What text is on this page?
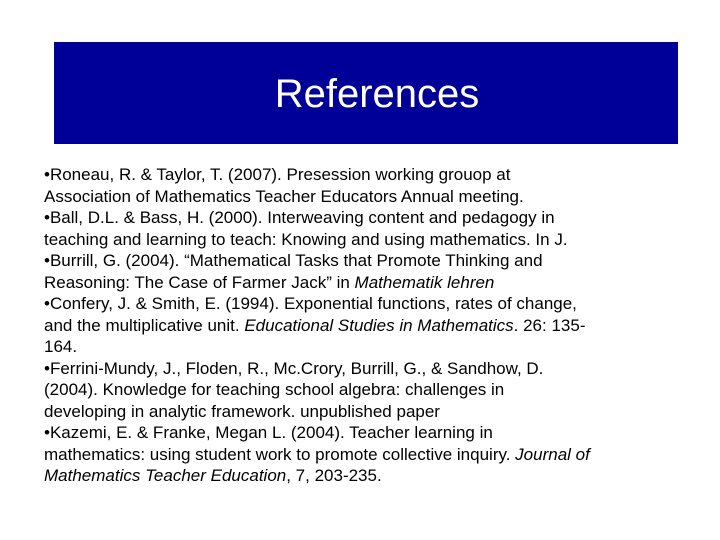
References
•Roneau, R. & Taylor, T. (2007). Presession working grouop at
Association of Mathematics Teacher Educators Annual meeting.
•Ball, D.L. & Bass, H. (2000). Interweaving content and pedagogy in
teaching and learning to teach: Knowing and using mathematics. In J.
•Burrill, G. (2004). “Mathematical Tasks that Promote Thinking and
Reasoning: The Case of Farmer Jack” in Mathematik lehren
•Confery, J. & Smith, E. (1994). Exponential functions, rates of change,
and the multiplicative unit. Educational Studies in Mathematics. 26: 135-
164.
•Ferrini-Mundy, J., Floden, R., Mc.Crory, Burrill, G., & Sandhow, D.
(2004). Knowledge for teaching school algebra: challenges in
developing in analytic framework. unpublished paper
•Kazemi, E. & Franke, Megan L. (2004). Teacher learning in
mathematics: using student work to promote collective inquiry. Journal of
Mathematics Teacher Education, 7, 203-235.
